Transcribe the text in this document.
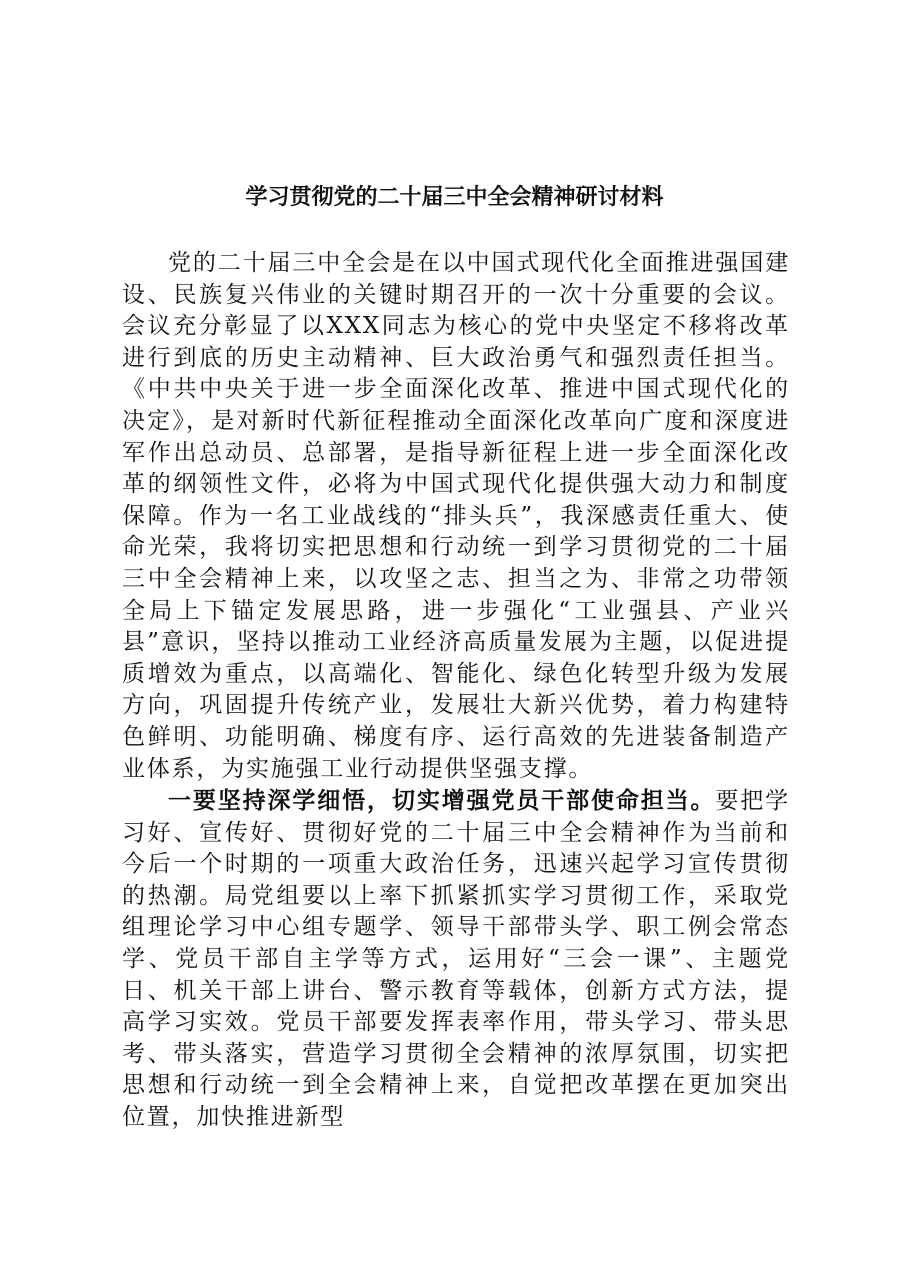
学习贯彻党的二十届三中全会精神研讨材料

党的二十届三中全会是在以中国式现代化全面推进强国建设、民族复兴伟业的关键时期召开的一次十分重要的会议。会议充分彰显了以XXX同志为核心的党中央坚定不移将改革进行到底的历史主动精神、巨大政治勇气和强烈责任担当。《中共中央关于进一步全面深化改革、推进中国式现代化的决定》，是对新时代新征程推动全面深化改革向广度和深度进军作出总动员、总部署，是指导新征程上进一步全面深化改革的纲领性文件，必将为中国式现代化提供强大动力和制度保障。作为一名工业战线的“排头兵”，我深感责任重大、使命光荣，我将切实把思想和行动统一到学习贯彻党的二十届三中全会精神上来，以攻坚之志、担当之为、非常之功带领全局上下锚定发展思路，进一步强化“工业强县、产业兴县”意识，坚持以推动工业经济高质量发展为主题，以促进提质增效为重点，以高端化、智能化、绿色化转型升级为发展方向，巩固提升传统产业，发展壮大新兴优势，着力构建特色鲜明、功能明确、梯度有序、运行高效的先进装备制造产业体系，为实施强工业行动提供坚强支撑。

一要坚持深学细悟，切实增强党员干部使命担当。要把学习好、宣传好、贯彻好党的二十届三中全会精神作为当前和今后一个时期的一项重大政治任务，迅速兴起学习宣传贯彻的热潮。局党组要以上率下抓紧抓实学习贯彻工作，采取党组理论学习中心组专题学、领导干部带头学、职工例会常态学、党员干部自主学等方式，运用好“三会一课”、主题党日、机关干部上讲台、警示教育等载体，创新方式方法，提高学习实效。党员干部要发挥表率作用，带头学习、带头思考、带头落实，营造学习贯彻全会精神的浓厚氛围，切实把思想和行动统一到全会精神上来，自觉把改革摆在更加突出位置，加快推进新型
